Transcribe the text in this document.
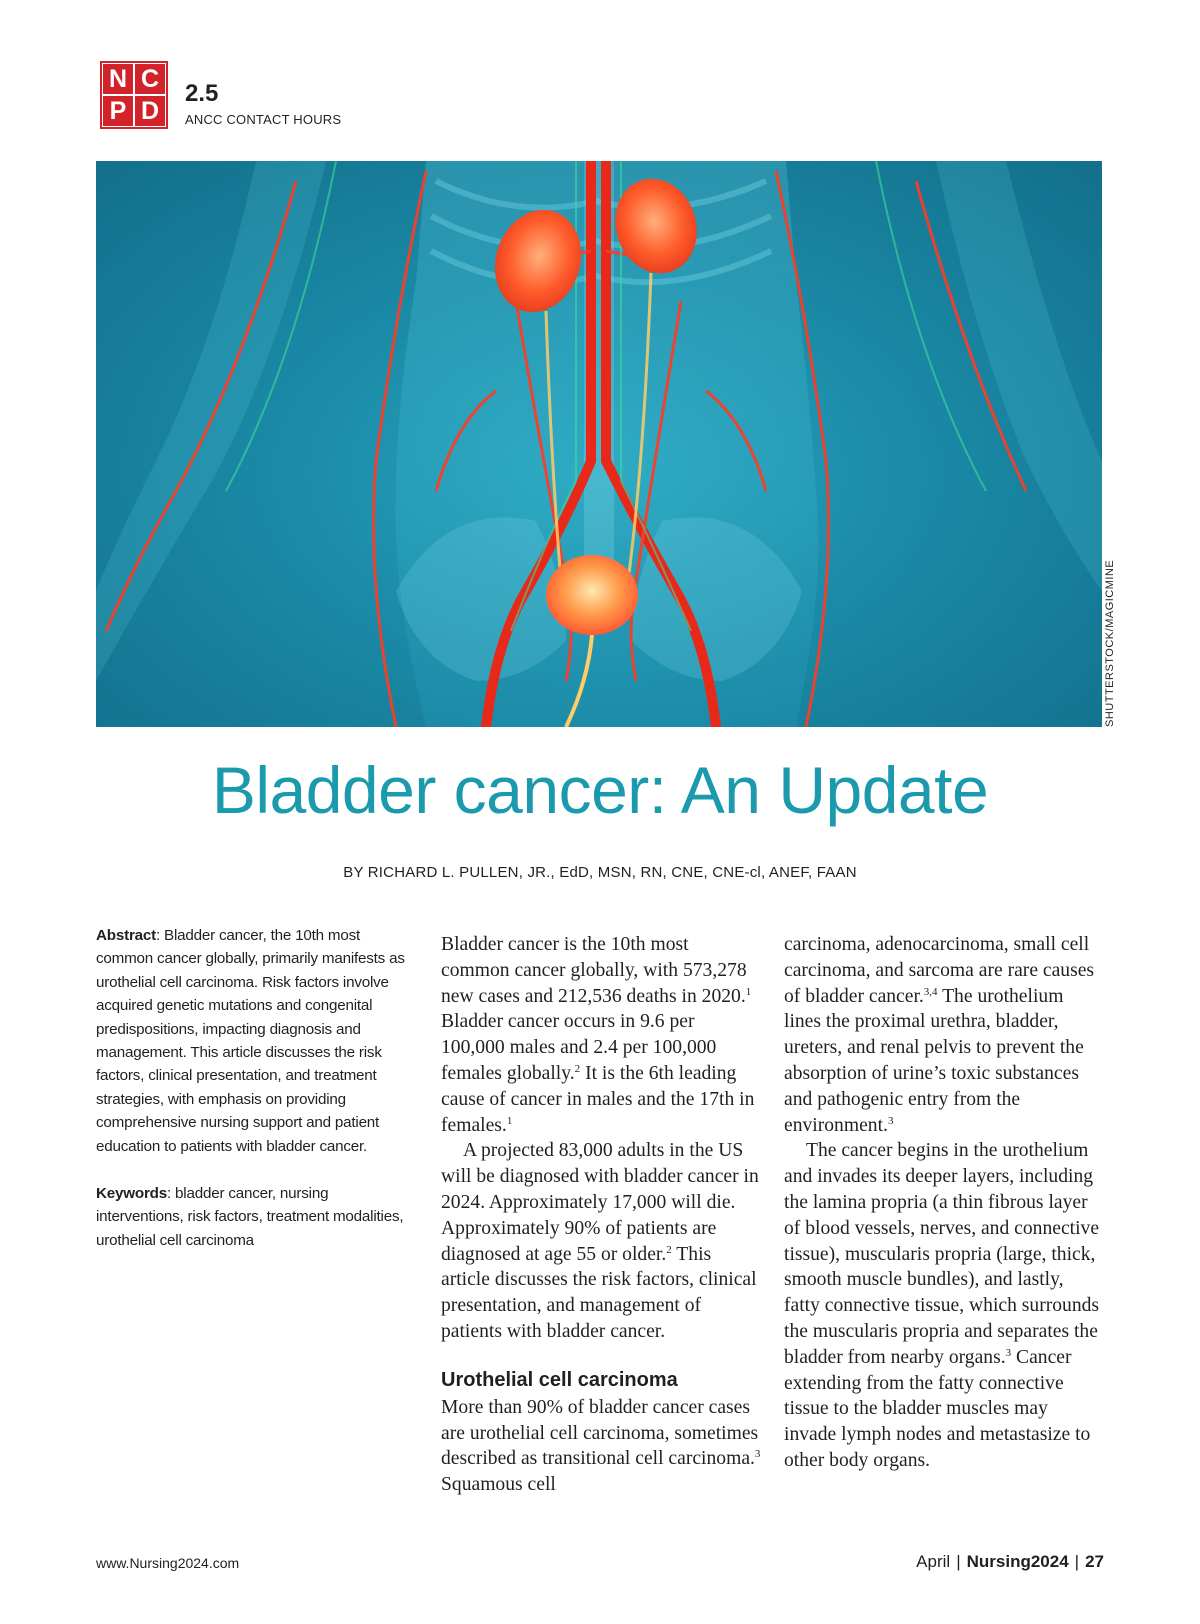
N C
P D
2.5
ANCC CONTACT HOURS
SHUTTERSTOCK/MAGICMINE
Bladder cancer: An Update
BY RICHARD L. PULLEN, JR., EdD, MSN, RN, CNE, CNE-cl, ANEF, FAAN

Abstract: Bladder cancer, the 10th most common cancer globally, primarily manifests as urothelial cell carcinoma. Risk factors involve acquired genetic mutations and congenital predispositions, impacting diagnosis and management. This article discusses the risk factors, clinical presentation, and treatment strategies, with emphasis on providing comprehensive nursing support and patient education to patients with bladder cancer.

Keywords: bladder cancer, nursing interventions, risk factors, treatment modalities, urothelial cell carcinoma

Bladder cancer is the 10th most common cancer globally, with 573,278 new cases and 212,536 deaths in 2020.$^1$ Bladder cancer occurs in 9.6 per 100,000 males and 2.4 per 100,000 females globally.$^2$ It is the 6th leading cause of cancer in males and the 17th in females.$^1$

A projected 83,000 adults in the US will be diagnosed with bladder cancer in 2024. Approximately 17,000 will die. Approximately 90% of patients are diagnosed at age 55 or older.$^2$ This article discusses the risk factors, clinical presentation, and management of patients with bladder cancer.

Urothelial cell carcinoma

More than 90% of bladder cancer cases are urothelial cell carcinoma, sometimes described as transitional cell carcinoma.$^3$ Squamous cell

carcinoma, adenocarcinoma, small cell carcinoma, and sarcoma are rare causes of bladder cancer.$^{3,4}$ The urothelium lines the proximal urethra, bladder, ureters, and renal pelvis to prevent the absorption of urine’s toxic substances and pathogenic entry from the environment.$^3$

The cancer begins in the urothelium and invades its deeper layers, including the lamina propria (a thin fibrous layer of blood vessels, nerves, and connective tissue), muscularis propria (large, thick, smooth muscle bundles), and lastly, fatty connective tissue, which surrounds the muscularis propria and separates the bladder from nearby organs.$^3$ Cancer extending from the fatty connective tissue to the bladder muscles may invade lymph nodes and metastasize to other body organs.

www.Nursing2024.com	April | Nursing2024 | 27
